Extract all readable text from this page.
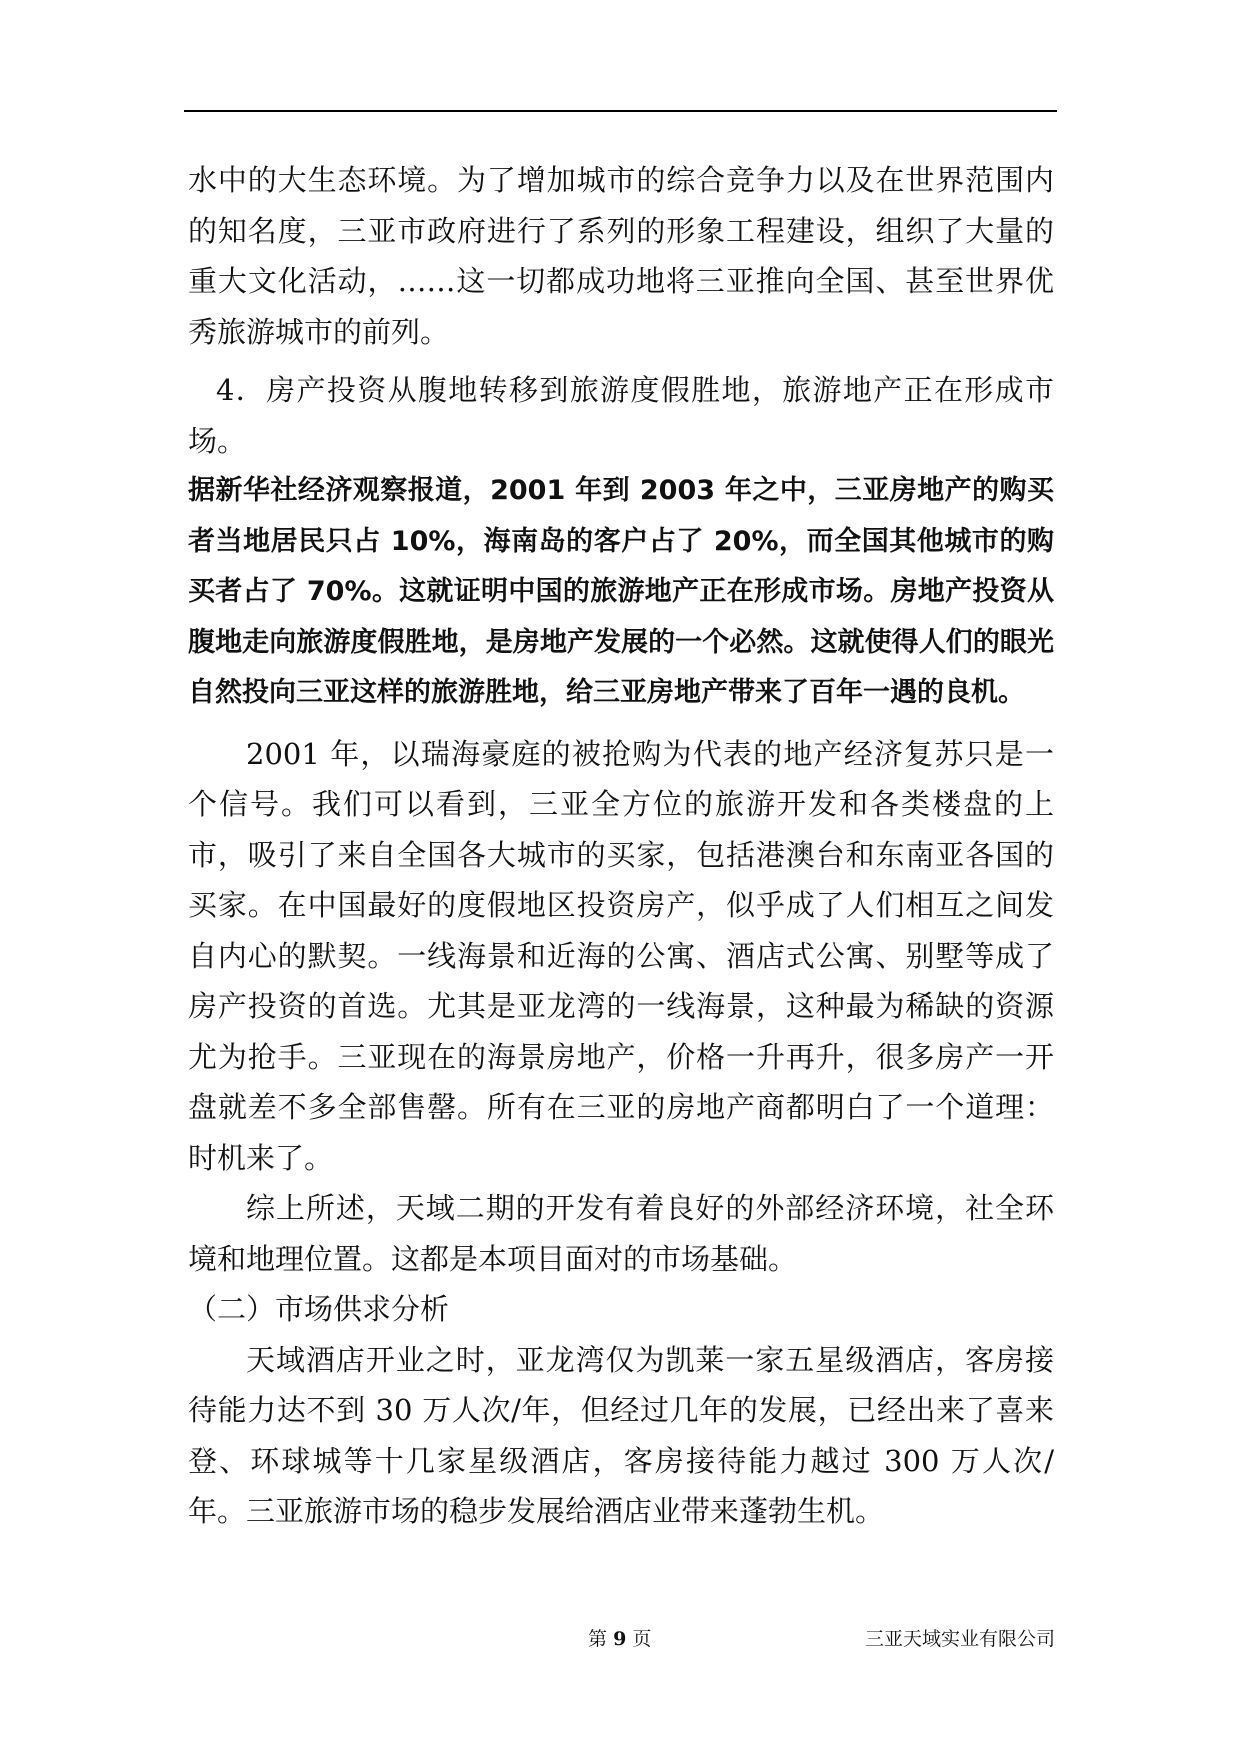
水中的大生态环境。为了增加城市的综合竞争力以及在世界范围内的知名度，三亚市政府进行了系列的形象工程建设，组织了大量的重大文化活动，……这一切都成功地将三亚推向全国、甚至世界优秀旅游城市的前列。

4．房产投资从腹地转移到旅游度假胜地，旅游地产正在形成市场。

据新华社经济观察报道，2001 年到 2003 年之中，三亚房地产的购买者当地居民只占 10%，海南岛的客户占了 20%，而全国其他城市的购买者占了 70%。这就证明中国的旅游地产正在形成市场。房地产投资从腹地走向旅游度假胜地，是房地产发展的一个必然。这就使得人们的眼光自然投向三亚这样的旅游胜地，给三亚房地产带来了百年一遇的良机。

2001 年，以瑞海豪庭的被抢购为代表的地产经济复苏只是一个信号。我们可以看到，三亚全方位的旅游开发和各类楼盘的上市，吸引了来自全国各大城市的买家，包括港澳台和东南亚各国的买家。在中国最好的度假地区投资房产，似乎成了人们相互之间发自内心的默契。一线海景和近海的公寓、酒店式公寓、别墅等成了房产投资的首选。尤其是亚龙湾的一线海景，这种最为稀缺的资源尤为抢手。三亚现在的海景房地产，价格一升再升，很多房产一开盘就差不多全部售罄。所有在三亚的房地产商都明白了一个道理：时机来了。

综上所述，天域二期的开发有着良好的外部经济环境，社全环境和地理位置。这都是本项目面对的市场基础。

（二）市场供求分析

天域酒店开业之时，亚龙湾仅为凯莱一家五星级酒店，客房接待能力达不到 30 万人次/年，但经过几年的发展，已经出来了喜来登、环球城等十几家星级酒店，客房接待能力越过 300 万人次/年。三亚旅游市场的稳步发展给酒店业带来蓬勃生机。

第 9 页	三亚天域实业有限公司
